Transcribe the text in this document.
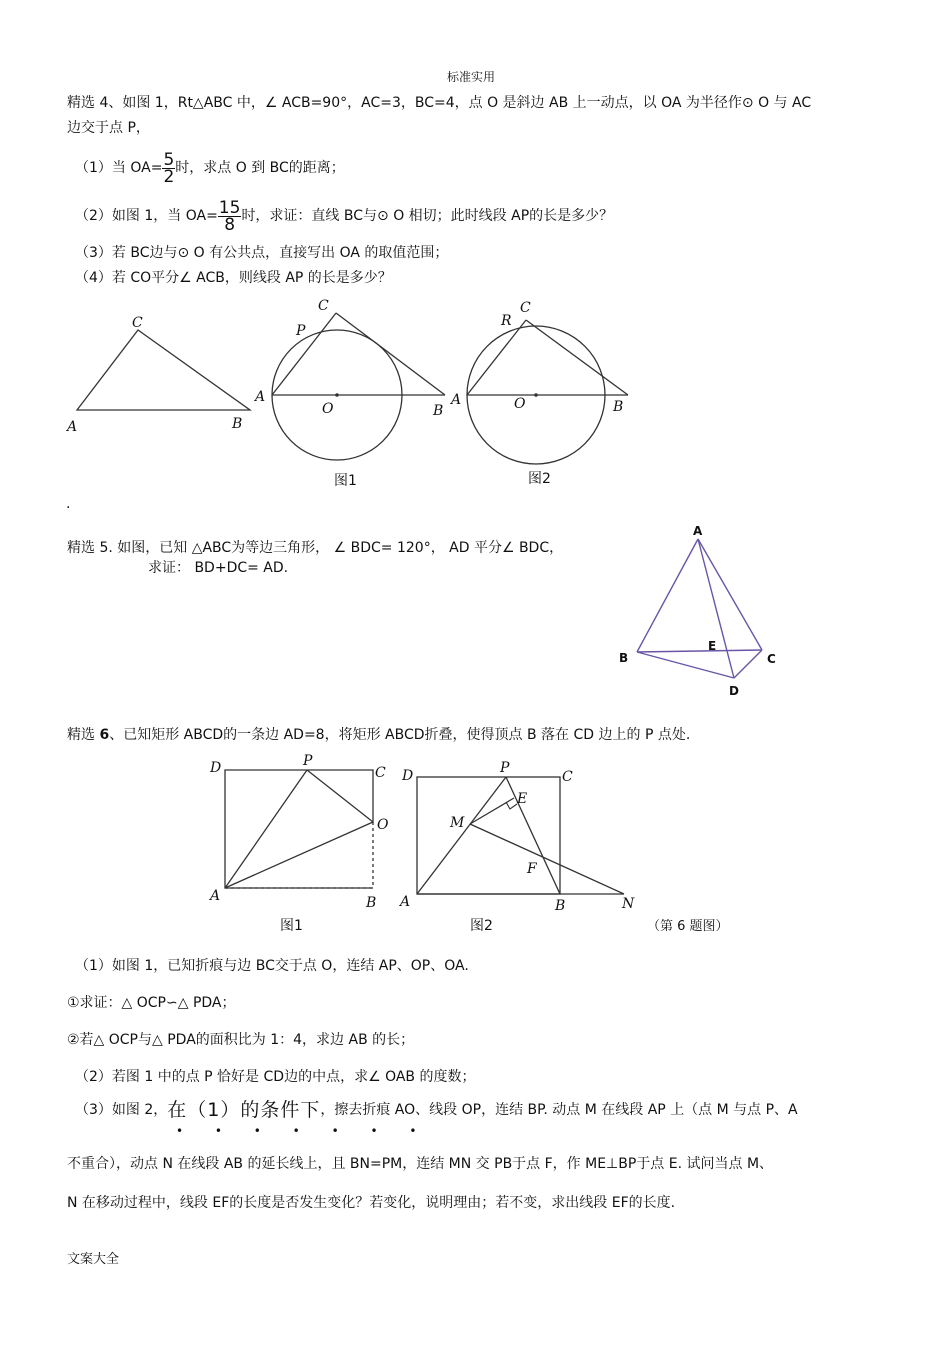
标准实用
精选 4、如图 1，Rt△ABC 中，∠ ACB=90°，AC=3，BC=4，点 O 是斜边 AB 上一动点，以 OA 为半径作⊙ O 与 AC
边交于点 P，
（1）当 $OA= \frac{5}{2}$ 时，求点 O 到 BC的距离；
（2）如图 1，当 $OA= \frac{15}{8}$ 时，求证：直线 BC与⊙ O 相切；此时线段 AP的长是多少？
（3）若 BC边与⊙ O 有公共点，直接写出 OA 的取值范围；
（4）若 CO平分∠ ACB，则线段 AP 的长是多少？
C
A	B
C
P
A
O	B
图1
C
R
A	O	B
图2
.
精选 5. 如图，已知 △ABC为等边三角形， ∠ BDC= 120°， AD 平分∠ BDC，
求证： BD+DC= AD.
A
B	C
D
E
精选 6、已知矩形 ABCD的一条边 AD=8，将矩形 ABCD折叠，使得顶点 B 落在 CD 边上的 P 点处.
D	P
C
O
A	B
图1
D	P
C
E
M
F
A	B	N
图2	（第 6 题图）
（1）如图 1，已知折痕与边 BC交于点 O，连结 AP、OP、OA.
①求证：△ OCP∽△ PDA；
②若△ OCP与△ PDA的面积比为 1：4，求边 AB 的长；
（2）若图 1 中的点 P 恰好是 CD边的中点，求∠ OAB 的度数；
（3）如图 2， 在（1）的条件下 ，擦去折痕 AO、线段 OP，连结 BP. 动点 M 在线段 AP 上（点 M 与点 P、A
• • • • • • •
不重合），动点 N 在线段 AB 的延长线上，且 BN=PM，连结 MN 交 PB于点 F，作 ME⊥BP于点 E. 试问当点 M、
N 在移动过程中，线段 EF的长度是否发生变化？若变化，说明理由；若不变，求出线段 EF的长度.
文案大全
